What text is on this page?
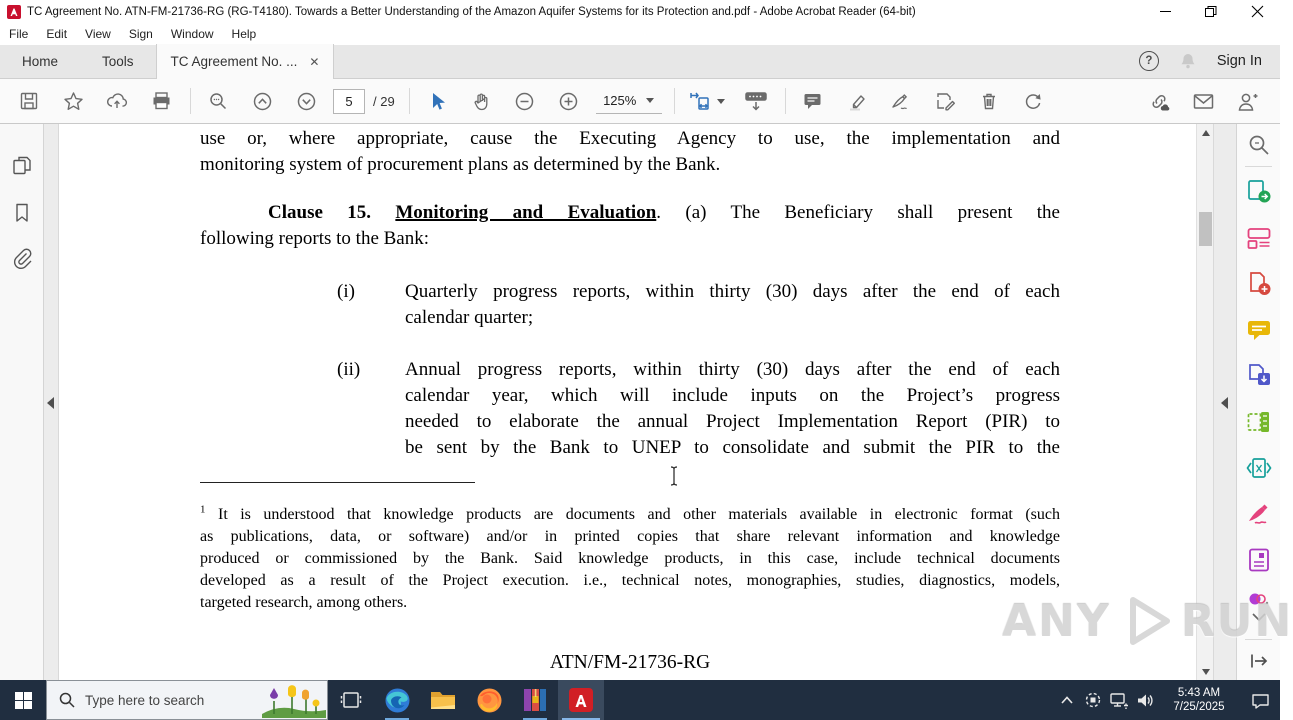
TC Agreement No. ATN-FM-21736-RG (RG-T4180). Towards a Better Understanding of the Amazon Aquifer Systems for its Protection and.pdf - Adobe Acrobat Reader (64-bit)
File	Edit	View	Sign	Window	Help
Home	Tools	TC Agreement No. ... ✕	?	Sign In
5	/ 29	125%
use or, where appropriate, cause the Executing Agency to use, the implementation and
monitoring system of procurement plans as determined by the Bank.
Clause 15. Monitoring and Evaluation. (a) The Beneficiary shall present the
following reports to the Bank:
(i)	Quarterly progress reports, within thirty (30) days after the end of each
calendar quarter;
(ii) Annual progress reports, within thirty (30) days after the end of each
calendar year, which will include inputs on the Project’s progress
needed to elaborate the annual Project Implementation Report (PIR) to
be sent by the Bank to UNEP to consolidate and submit the PIR to the
$^1$ It is understood that knowledge products are documents and other materials available in electronic format (such
as publications, data, or software) and/or in printed copies that share relevant information and knowledge
produced or commissioned by the Bank. Said knowledge products, in this case, include technical documents
developed as a result of the Project execution. i.e., technical notes, monographies, studies, diagnostics, models,
targeted research, among others.
ATN/FM-21736-RG
ANY RUN
Type here to search	5:43 AM
7/25/2025
